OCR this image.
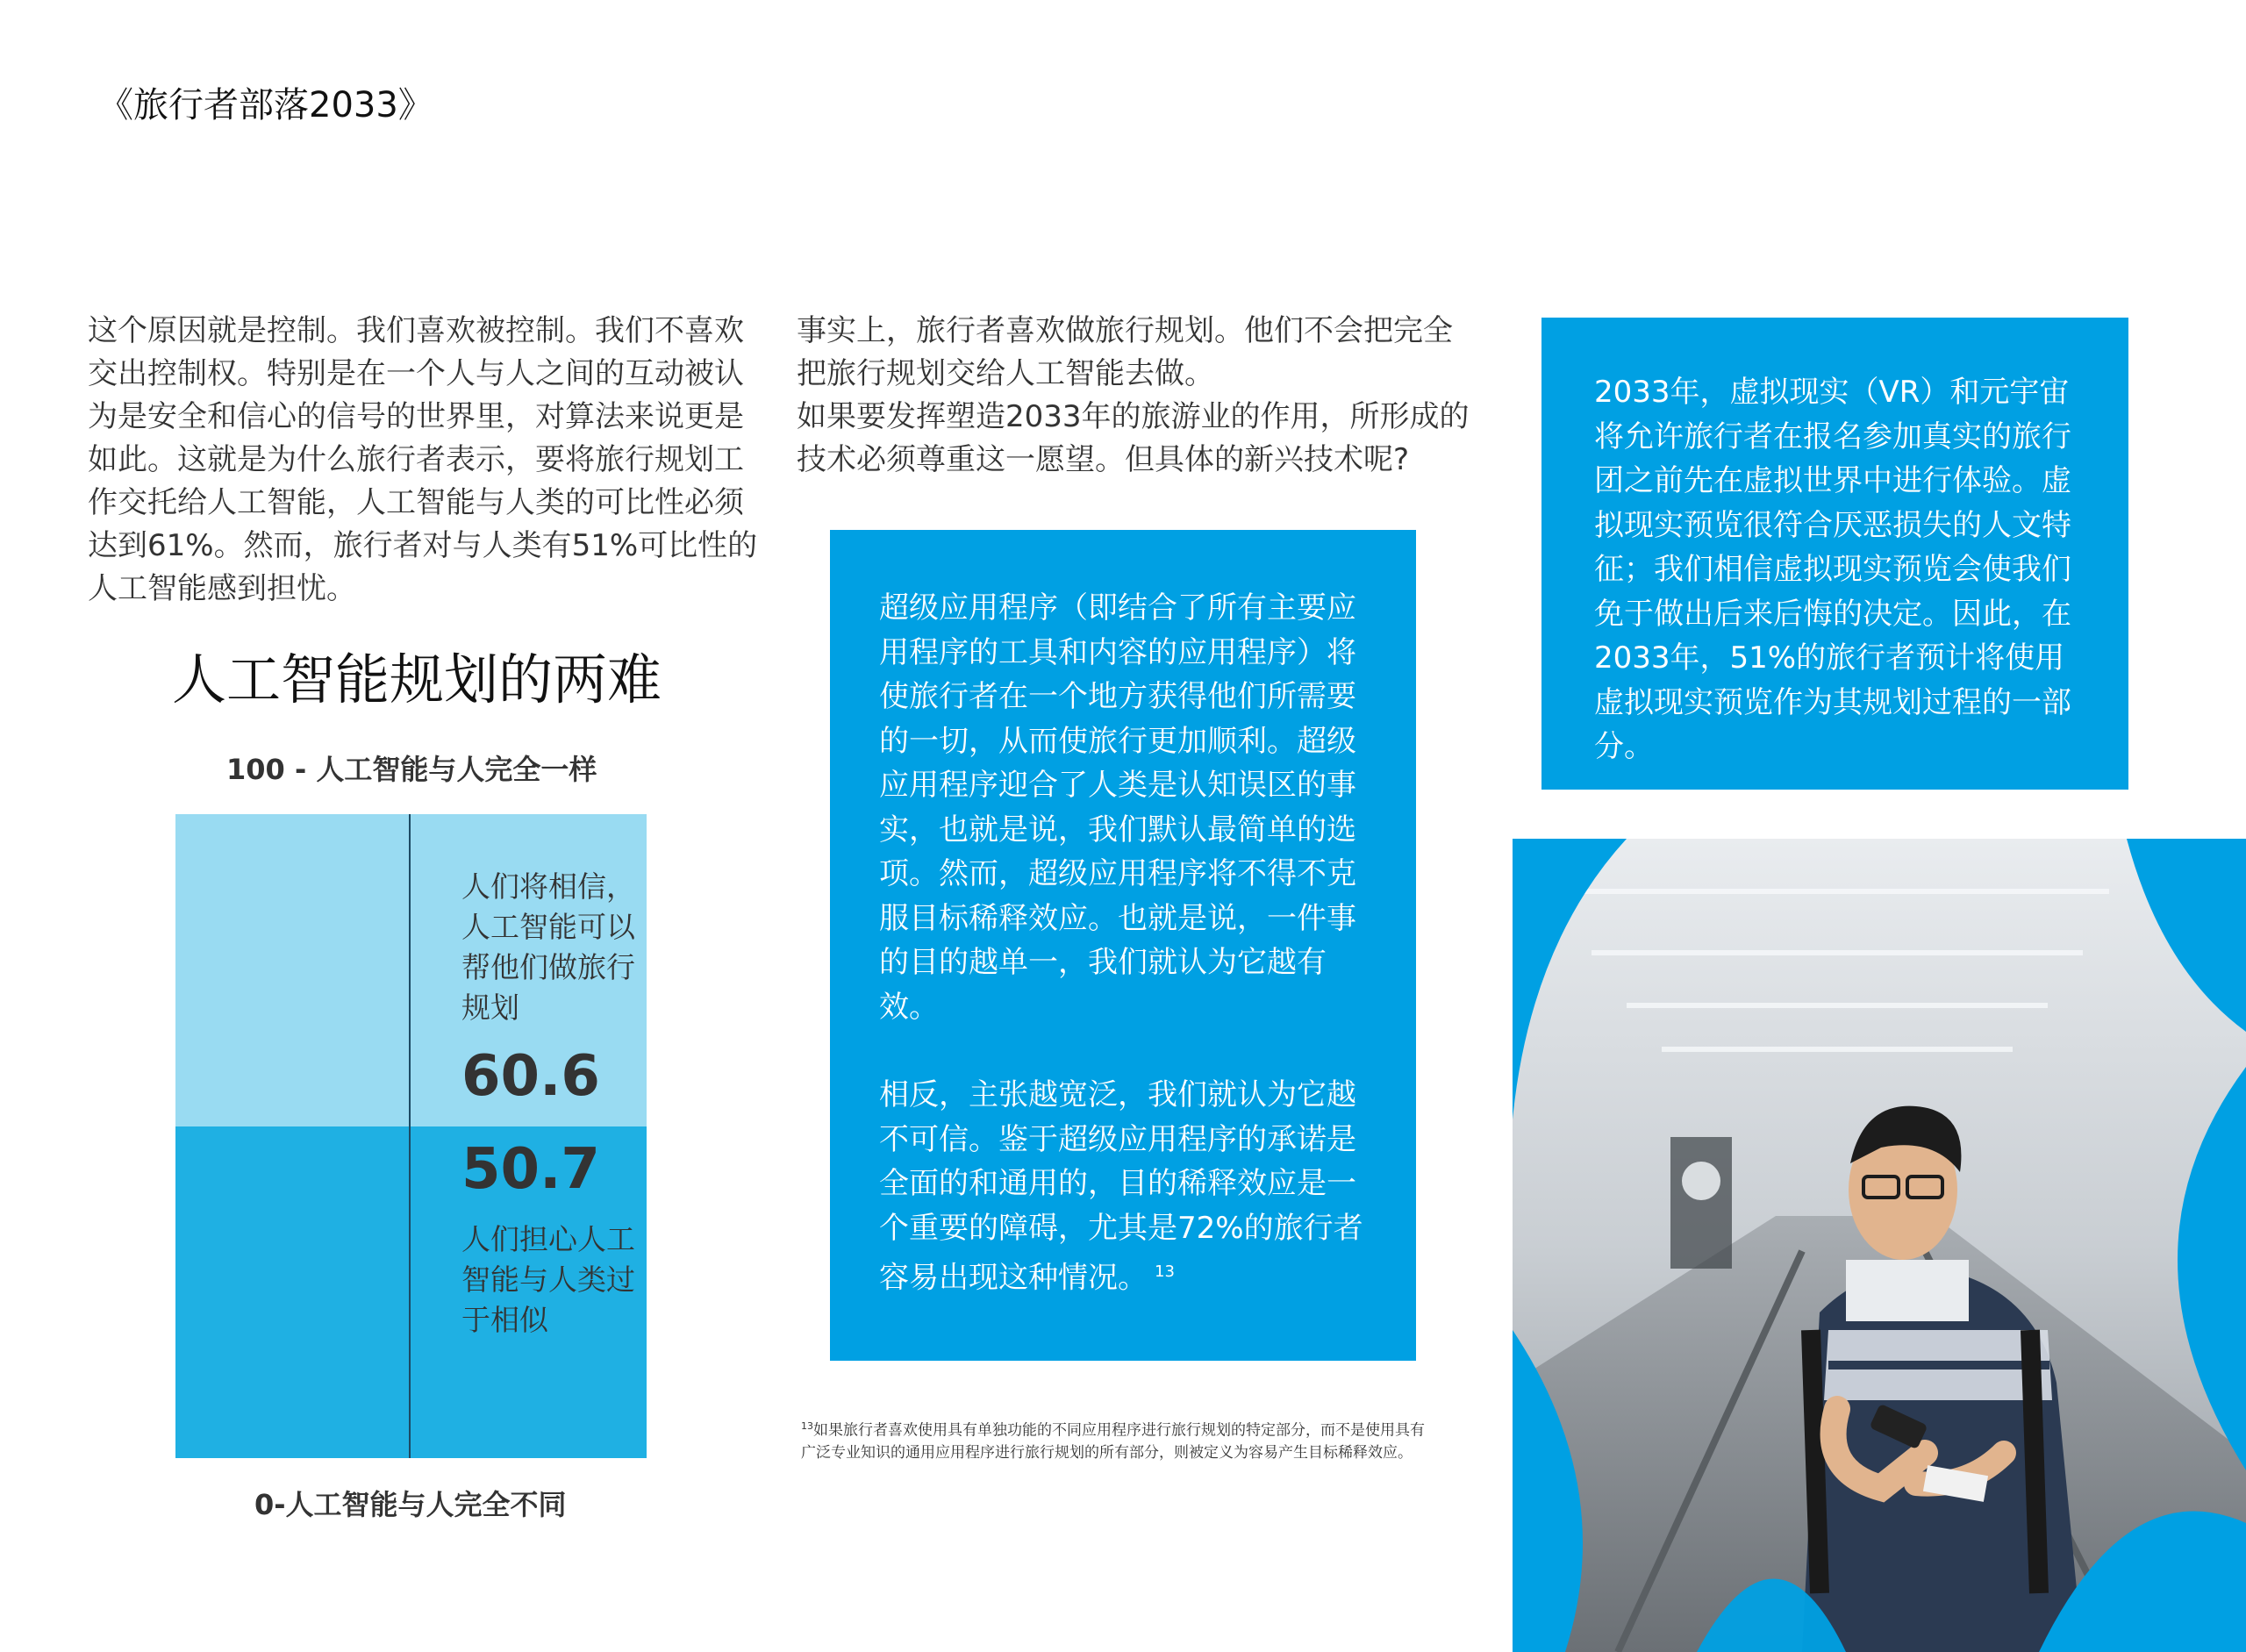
《旅行者部落2033》

这个原因就是控制。我们喜欢被控制。我们不喜欢交出控制权。特别是在一个人与人之间的互动被认为是安全和信心的信号的世界里，对算法来说更是如此。这就是为什么旅行者表示，要将旅行规划工作交托给人工智能，人工智能与人类的可比性必须达到61%。然而，旅行者对与人类有51%可比性的人工智能感到担忧。

事实上，旅行者喜欢做旅行规划。他们不会把完全把旅行规划交给人工智能去做。

如果要发挥塑造2033年的旅游业的作用，所形成的技术必须尊重这一愿望。但具体的新兴技术呢?

人工智能规划的两难
100 - 人工智能与人完全一样
人们将相信，人工智能可以帮他们做旅行规划
60.6
50.7
人们担心人工智能与人类过于相似
0-人工智能与人完全不同

超级应用程序（即结合了所有主要应用程序的工具和内容的应用程序）将使旅行者在一个地方获得他们所需要的一切，从而使旅行更加顺利。超级应用程序迎合了人类是认知误区的事实，也就是说，我们默认最简单的选项。然而，超级应用程序将不得不克服目标稀释效应。也就是说，一件事的目的越单一，我们就认为它越有效。

相反，主张越宽泛，我们就认为它越不可信。鉴于超级应用程序的承诺是全面的和通用的，目的稀释效应是一个重要的障碍，尤其是72%的旅行者容易出现这种情况。 $^{13}$

2033年，虚拟现实（VR）和元宇宙将允许旅行者在报名参加真实的旅行团之前先在虚拟世界中进行体验。虚拟现实预览很符合厌恶损失的人文特征；我们相信虚拟现实预览会使我们免于做出后来后悔的决定。因此，在2033年，51%的旅行者预计将使用虚拟现实预览作为其规划过程的一部分。

$^{13}$如果旅行者喜欢使用具有单独功能的不同应用程序进行旅行规划的特定部分，而不是使用具有广泛专业知识的通用应用程序进行旅行规划的所有部分，则被定义为容易产生目标稀释效应。
